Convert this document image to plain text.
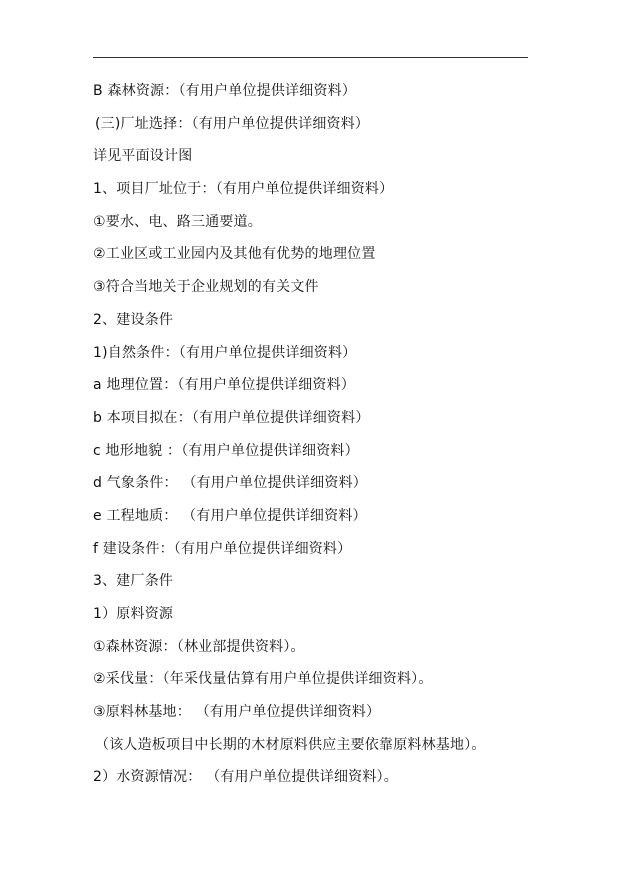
B 森林资源：（有用户单位提供详细资料）
(三)厂址选择：（有用户单位提供详细资料）
详见平面设计图
1、项目厂址位于：（有用户单位提供详细资料）
①要水、电、路三通要道。
②工业区或工业园内及其他有优势的地理位置
③符合当地关于企业规划的有关文件
2、建设条件
1)自然条件：（有用户单位提供详细资料）
a 地理位置：（有用户单位提供详细资料）
b 本项目拟在：（有用户单位提供详细资料）
c 地形地貌 ：（有用户单位提供详细资料）
d 气象条件： （有用户单位提供详细资料）
e 工程地质： （有用户单位提供详细资料）
f 建设条件：（有用户单位提供详细资料）
3、建厂条件
1）原料资源
①森林资源：（林业部提供资料）。
②采伐量：（年采伐量估算有用户单位提供详细资料）。
③原料林基地： （有用户单位提供详细资料）
（该人造板项目中长期的木材原料供应主要依靠原料林基地）。
2）水资源情况： （有用户单位提供详细资料）。
